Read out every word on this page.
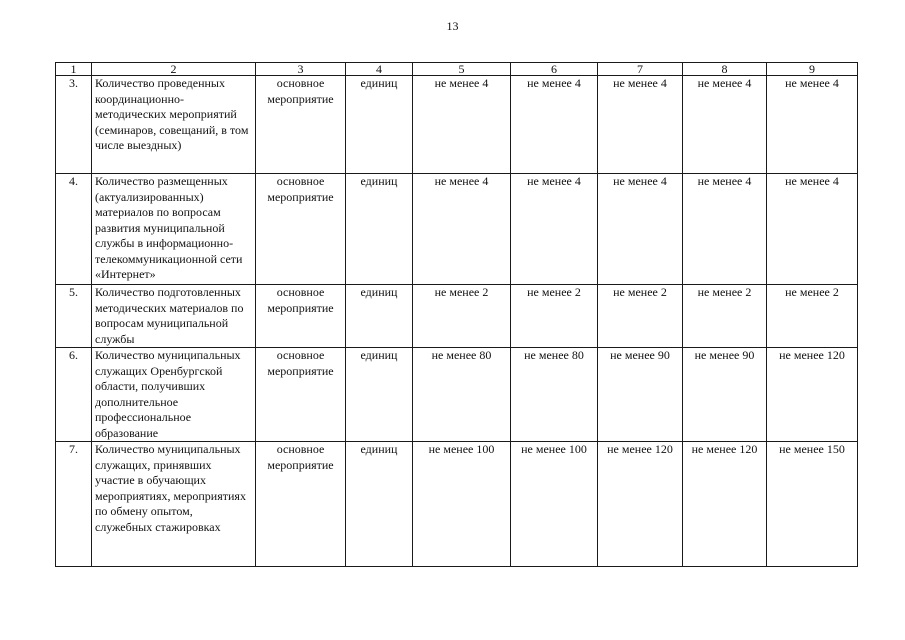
13
1	2	3	4	5	6	7	8	9
3.	Количество проведенных координационно-методических мероприятий (семинаров, совещаний, в том числе выездных)	основное мероприятие	единиц	не менее 4	не менее 4	не менее 4	не менее 4	не менее 4
4.	Количество размещенных (актуализированных) материалов по вопросам развития муниципальной службы в информационно-телекоммуникационной сети «Интернет»	основное мероприятие	единиц	не менее 4	не менее 4	не менее 4	не менее 4	не менее 4
5.	Количество подготовленных методических материалов по вопросам муниципальной службы	основное мероприятие	единиц	не менее 2	не менее 2	не менее 2	не менее 2	не менее 2
6.	Количество муниципальных служащих Оренбургской области, получивших дополнительное профессиональное образование	основное мероприятие	единиц	не менее 80	не менее 80	не менее 90	не менее 90	не менее 120
7.	Количество муниципальных служащих, принявших участие в обучающих мероприятиях, мероприятиях по обмену опытом, служебных стажировках	основное мероприятие	единиц	не менее 100	не менее 100	не менее 120	не менее 120	не менее 150
